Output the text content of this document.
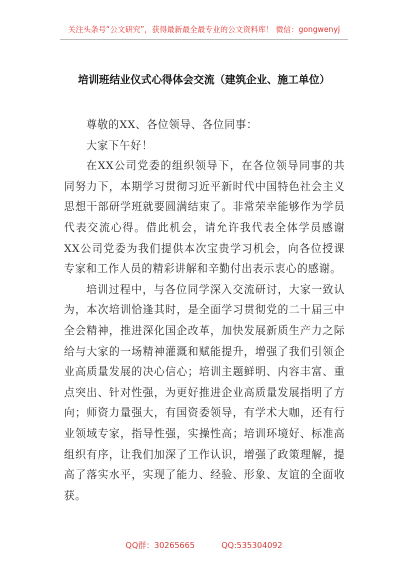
关注头条号“公文研究”，获得最新最全最专业的公文资料库！ 微信：gongwenyj
培训班结业仪式心得体会交流（建筑企业、施工单位）

尊敬的XX、各位领导、各位同事：

大家下午好！

在XX公司党委的组织领导下，在各位领导同事的共同努力下，本期学习贯彻习近平新时代中国特色社会主义思想干部研学班就要圆满结束了。非常荣幸能够作为学员代表交流心得。借此机会，请允许我代表全体学员感谢XX公司党委为我们提供本次宝贵学习机会，向各位授课专家和工作人员的精彩讲解和辛勤付出表示衷心的感谢。

培训过程中，与各位同学深入交流研讨，大家一致认为，本次培训恰逢其时，是全面学习贯彻党的二十届三中全会精神，推进深化国企改革，加快发展新质生产力之际给与大家的一场精神灌溉和赋能提升，增强了我们引领企业高质量发展的决心信心；培训主题鲜明、内容丰富、重点突出、针对性强，为更好推进企业高质量发展指明了方向；师资力量强大，有国资委领导，有学术大咖，还有行业领域专家，指导性强，实操性高；培训环境好、标准高组织有序，让我们加深了工作认识，增强了政策理解，提高了落实水平，实现了能力、经验、形象、友谊的全面收获。

QQ群：30265665	QQ:535304092
